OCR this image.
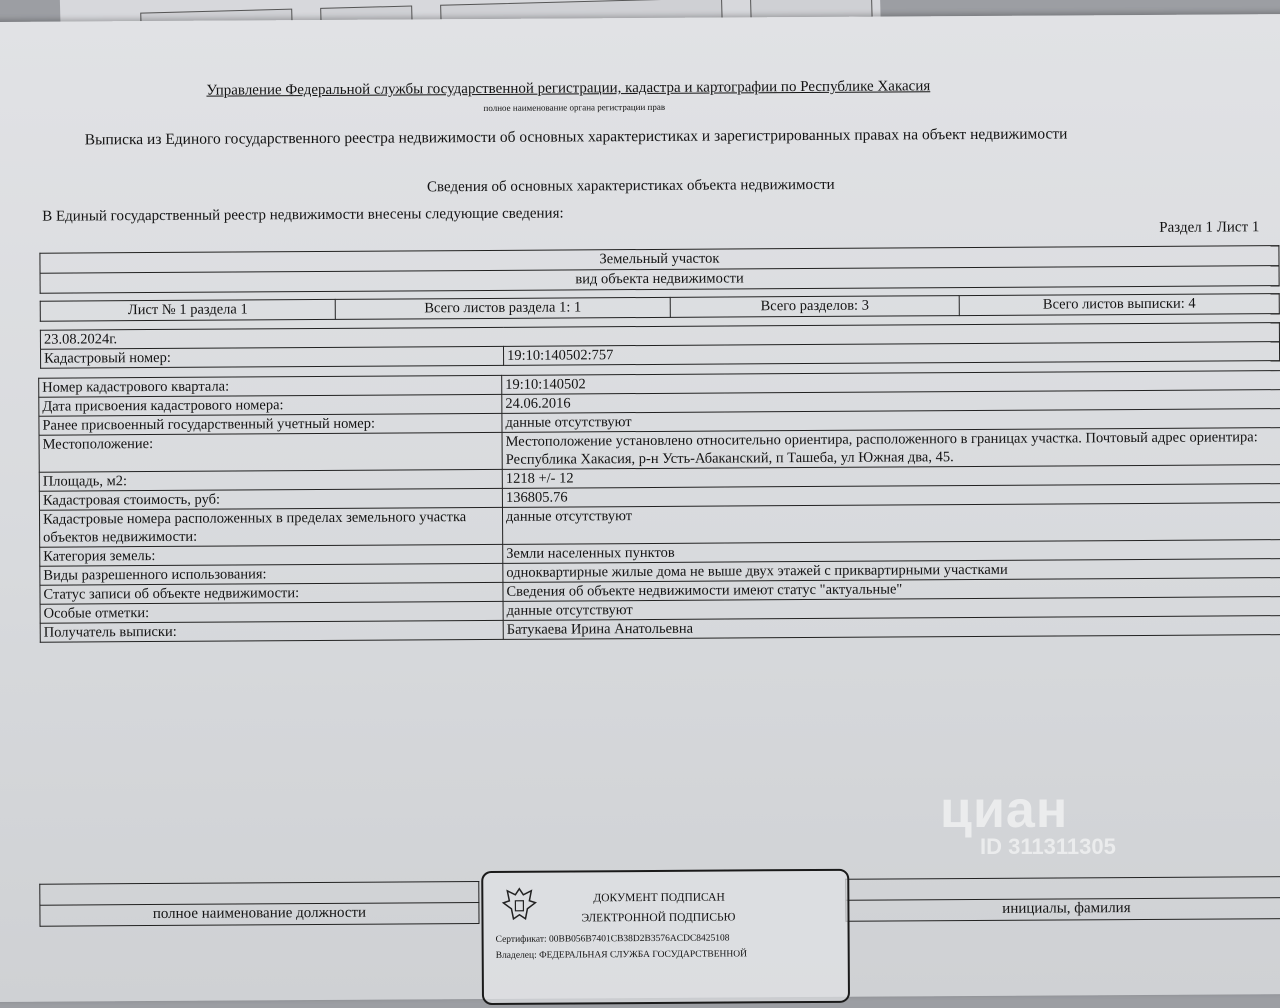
Управление Федеральной службы государственной регистрации, кадастра и картографии по Республике Хакасия
полное наименование органа регистрации прав
Выписка из Единого государственного реестра недвижимости об основных характеристиках и зарегистрированных правах на объект недвижимости
Сведения об основных характеристиках объекта недвижимости
В Единый государственный реестр недвижимости внесены следующие сведения:
Раздел 1 Лист 1
Земельный участок
вид объекта недвижимости
Лист № 1 раздела 1	Всего листов раздела 1: 1	Всего разделов: 3	Всего листов выписки: 4
23.08.2024г.
Кадастровый номер:	19:10:140502:757
Номер кадастрового квартала:	19:10:140502
Дата присвоения кадастрового номера:	24.06.2016
Ранее присвоенный государственный учетный номер:	данные отсутствуют
Местоположение:	Местоположение установлено относительно ориентира, расположенного в границах участка. Почтовый адрес ориентира: Республика Хакасия, р-н Усть-Абаканский, п Ташеба, ул Южная два, 45.
Площадь, м2:	1218 +/- 12
Кадастровая стоимость, руб:	136805.76
Кадастровые номера расположенных в пределах земельного участка объектов недвижимости:	данные отсутствуют
Категория земель:	Земли населенных пунктов
Виды разрешенного использования:	одноквартирные жилые дома не выше двух этажей с приквартирными участками
Статус записи об объекте недвижимости:	Сведения об объекте недвижимости имеют статус "актуальные"
Особые отметки:	данные отсутствуют
Получатель выписки:	Батукаева Ирина Анатольевна

полное наименование должности		инициалы, фамилия
ДОКУМЕНТ ПОДПИСАН
ЭЛЕКТРОННОЙ ПОДПИСЬЮ
Сертификат: 00BB056B7401CB38D2B3576ACDC8425108
Владелец: ФЕДЕРАЛЬНАЯ СЛУЖБА ГОСУДАРСТВЕННОЙ
циан
ID 311311305
